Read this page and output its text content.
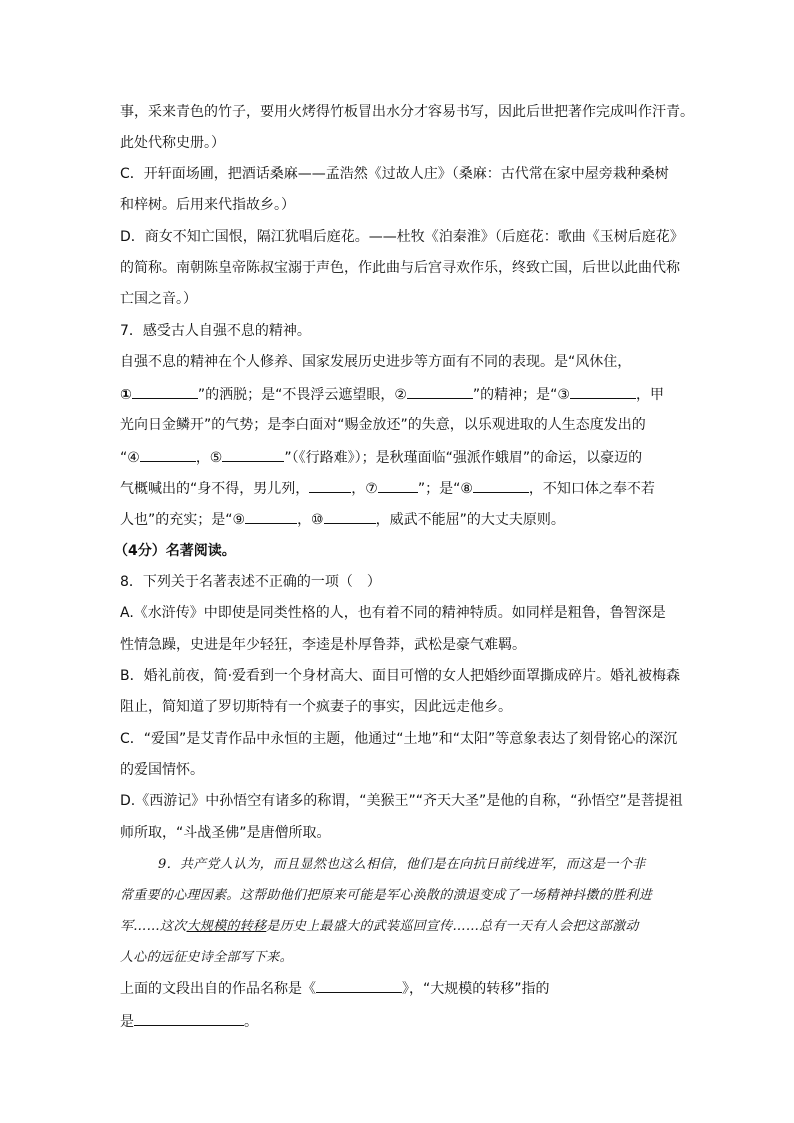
事，采来青色的竹子，要用火烤得竹板冒出水分才容易书写，因此后世把著作完成叫作汗青。

此处代称史册。）

C．开轩面场圃，把酒话桑麻——孟浩然《过故人庄》（桑麻：古代常在家中屋旁栽种桑树

和梓树。后用来代指故乡。）

D．商女不知亡国恨，隔江犹唱后庭花。——杜牧《泊秦淮》（后庭花：歌曲《玉树后庭花》

的简称。南朝陈皇帝陈叔宝溺于声色，作此曲与后宫寻欢作乐，终致亡国，后世以此曲代称

亡国之音。）

7．感受古人自强不息的精神。

自强不息的精神在个人修养、国家发展历史进步等方面有不同的表现。是“风休住，

①	”的洒脱；是“不畏浮云遮望眼，②	”的精神；是“③	，甲

光向日金鳞开”的气势；是李白面对“赐金放还”的失意，以乐观进取的人生态度发出的

“④	，⑤	”（《行路难》）；是秋瑾面临“强派作蛾眉”的命运，以豪迈的

气概喊出的“身不得，男儿列，	，⑦	”；是“⑧	，不知口体之奉不若

人也”的充实；是“⑨	，⑩	，威武不能屈”的大丈夫原则。

（4分）名著阅读。

8．下列关于名著表述不正确的一项（　）

A.《水浒传》中即使是同类性格的人，也有着不同的精神特质。如同样是粗鲁，鲁智深是

性情急躁，史进是年少轻狂，李逵是朴厚鲁莽，武松是豪气难羁。

B．婚礼前夜，简·爱看到一个身材高大、面目可憎的女人把婚纱面罩撕成碎片。婚礼被梅森

阻止，简知道了罗切斯特有一个疯妻子的事实，因此远走他乡。

C．“爱国”是艾青作品中永恒的主题，他通过“土地”和“太阳”等意象表达了刻骨铭心的深沉

的爱国情怀。

D.《西游记》中孙悟空有诸多的称谓，“美猴王”“齐天大圣”是他的自称，“孙悟空”是菩提祖

师所取，“斗战圣佛”是唐僧所取。

9．共产党人认为，而且显然也这么相信，他们是在向抗日前线进军，而这是一个非

常重要的心理因素。这帮助他们把原来可能是军心涣散的溃退变成了一场精神抖擞的胜利进

军……这次大规模的转移是历史上最盛大的武装巡回宣传……总有一天有人会把这部激动

人心的远征史诗全部写下来。

上面的文段出自的作品名称是《	》，“大规模的转移”指的

是	。
